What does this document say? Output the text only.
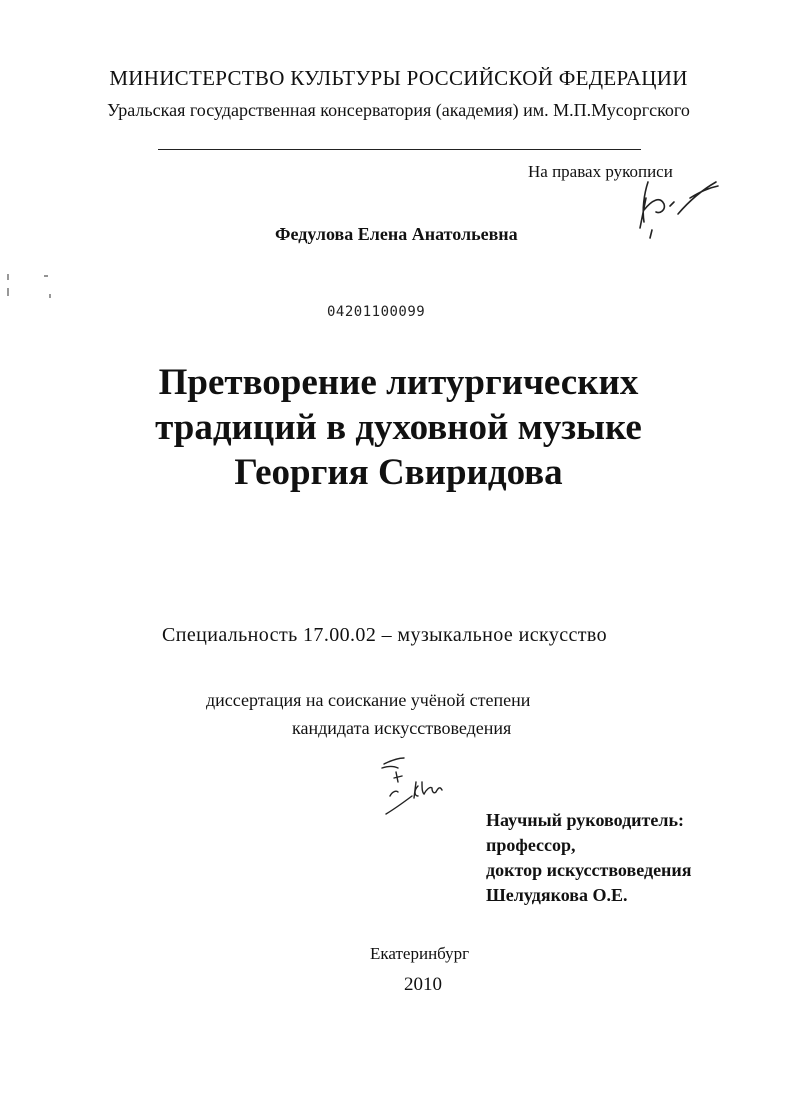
МИНИСТЕРСТВО КУЛЬТУРЫ РОССИЙСКОЙ ФЕДЕРАЦИИ
Уральская государственная консерватория (академия) им. М.П.Мусоргского
На правах рукописи
Федулова Елена Анатольевна
04201100099
Претворение литургических
традиций в духовной музыке
Георгия Свиридова
Специальность 17.00.02 – музыкальное искусство
диссертация на соискание учёной степени
кандидата искусствоведения
Научный руководитель:
профессор,
доктор искусствоведения
Шелудякова О.Е.
Екатеринбург
2010
